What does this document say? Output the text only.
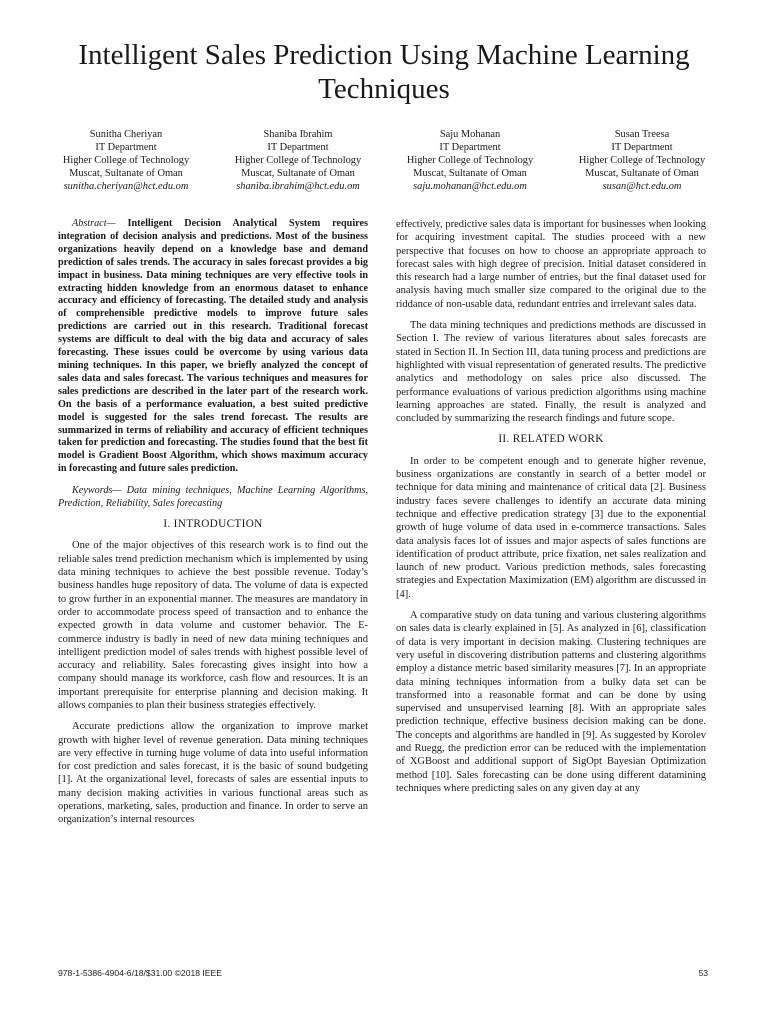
Intelligent Sales Prediction Using Machine Learning Techniques
Sunitha Cheriyan
IT Department
Higher College of Technology
Muscat, Sultanate of Oman
sunitha.cheriyan@hct.edu.om
Shaniba Ibrahim
IT Department
Higher College of Technology
Muscat, Sultanate of Oman
shaniba.ibrahim@hct.edu.om
Saju Mohanan
IT Department
Higher College of Technology
Muscat, Sultanate of Oman
saju.mohanan@hct.edu.om
Susan Treesa
IT Department
Higher College of Technology
Muscat, Sultanate of Oman
susan@hct.edu.om

Abstract— Intelligent Decision Analytical System requires integration of decision analysis and predictions. Most of the business organizations heavily depend on a knowledge base and demand prediction of sales trends. The accuracy in sales forecast provides a big impact in business. Data mining techniques are very effective tools in extracting hidden knowledge from an enormous dataset to enhance accuracy and efficiency of forecasting. The detailed study and analysis of comprehensible predictive models to improve future sales predictions are carried out in this research. Traditional forecast systems are difficult to deal with the big data and accuracy of sales forecasting. These issues could be overcome by using various data mining techniques. In this paper, we briefly analyzed the concept of sales data and sales forecast. The various techniques and measures for sales predictions are described in the later part of the research work. On the basis of a performance evaluation, a best suited predictive model is suggested for the sales trend forecast. The results are summarized in terms of reliability and accuracy of efficient techniques taken for prediction and forecasting. The studies found that the best fit model is Gradient Boost Algorithm, which shows maximum accuracy in forecasting and future sales prediction.

Keywords— Data mining techniques, Machine Learning Algorithms, Prediction, Reliability, Sales forecasting

I. INTRODUCTION

One of the major objectives of this research work is to find out the reliable sales trend prediction mechanism which is implemented by using data mining techniques to achieve the best possible revenue. Today’s business handles huge repository of data. The volume of data is expected to grow further in an exponential manner. The measures are mandatory in order to accommodate process speed of transaction and to enhance the expected growth in data volume and customer behavior. The E-commerce industry is badly in need of new data mining techniques and intelligent prediction model of sales trends with highest possible level of accuracy and reliability. Sales forecasting gives insight into how a company should manage its workforce, cash flow and resources. It is an important prerequisite for enterprise planning and decision making. It allows companies to plan their business strategies effectively.

Accurate predictions allow the organization to improve market growth with higher level of revenue generation. Data mining techniques are very effective in turning huge volume of data into useful information for cost prediction and sales forecast, it is the basic of sound budgeting [1]. At the organizational level, forecasts of sales are essential inputs to many decision making activities in various functional areas such as operations, marketing, sales, production and finance. In order to serve an organization’s internal resources

effectively, predictive sales data is important for businesses when looking for acquiring investment capital. The studies proceed with a new perspective that focuses on how to choose an appropriate approach to forecast sales with high degree of precision. Initial dataset considered in this research had a large number of entries, but the final dataset used for analysis having much smaller size compared to the original due to the riddance of non-usable data, redundant entries and irrelevant sales data.

The data mining techniques and predictions methods are discussed in Section I. The review of various literatures about sales forecasts are stated in Section II. In Section III, data tuning process and predictions are highlighted with visual representation of generated results. The predictive analytics and methodology on sales price also discussed. The performance evaluations of various prediction algorithms using machine learning approaches are stated. Finally, the result is analyzed and concluded by summarizing the research findings and future scope.

II. RELATED WORK

In order to be competent enough and to generate higher revenue, business organizations are constantly in search of a better model or technique for data mining and maintenance of critical data [2]. Business industry faces severe challenges to identify an accurate data mining technique and effective predication strategy [3] due to the exponential growth of huge volume of data used in e-commerce transactions. Sales data analysis faces lot of issues and major aspects of sales functions are identification of product attribute, price fixation, net sales realization and launch of new product. Various prediction methods, sales forecasting strategies and Expectation Maximization (EM) algorithm are discussed in [4].

A comparative study on data tuning and various clustering algorithms on sales data is clearly explained in [5]. As analyzed in [6], classification of data is very important in decision making. Clustering techniques are very useful in discovering distribution patterns and clustering algorithms employ a distance metric based similarity measures [7]. In an appropriate data mining techniques information from a bulky data set can be transformed into a reasonable format and can be done by using supervised and unsupervised learning [8]. With an appropriate sales prediction technique, effective business decision making can be done. The concepts and algorithms are handled in [9]. As suggested by Korolev and Ruegg, the prediction error can be reduced with the implementation of XGBoost and additional support of SigOpt Bayesian Optimization method [10]. Sales forecasting can be done using different datamining techniques where predicting sales on any given day at any

978-1-5386-4904-6/18/$31.00 ©2018 IEEE	53
